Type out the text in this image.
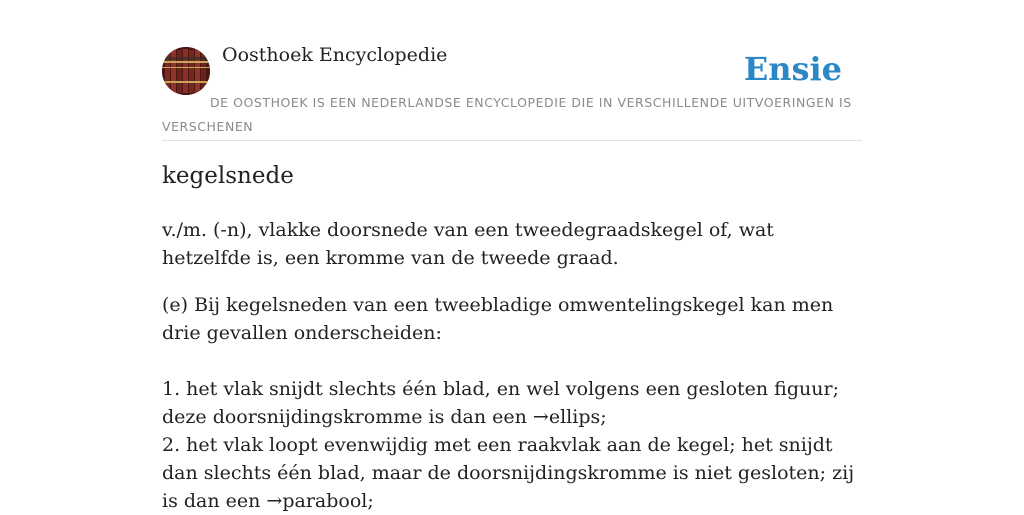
Oosthoek Encyclopedie	Ensie
DE OOSTHOEK IS EEN NEDERLANDSE ENCYCLOPEDIE DIE IN VERSCHILLENDE UITVOERINGEN IS VERSCHENEN
kegelsnede

v./m. (-n), vlakke doorsnede van een tweedegraadskegel of, wat hetzelfde is, een kromme van de tweede graad.

(e) Bij kegelsneden van een tweebladige omwentelingskegel kan men drie gevallen onderscheiden:

1. het vlak snijdt slechts één blad, en wel volgens een gesloten figuur; deze doorsnijdingskromme is dan een →ellips;
2. het vlak loopt evenwijdig met een raakvlak aan de kegel; het snijdt dan slechts één blad, maar de doorsnijdingskromme is niet gesloten; zij is dan een →parabool;
